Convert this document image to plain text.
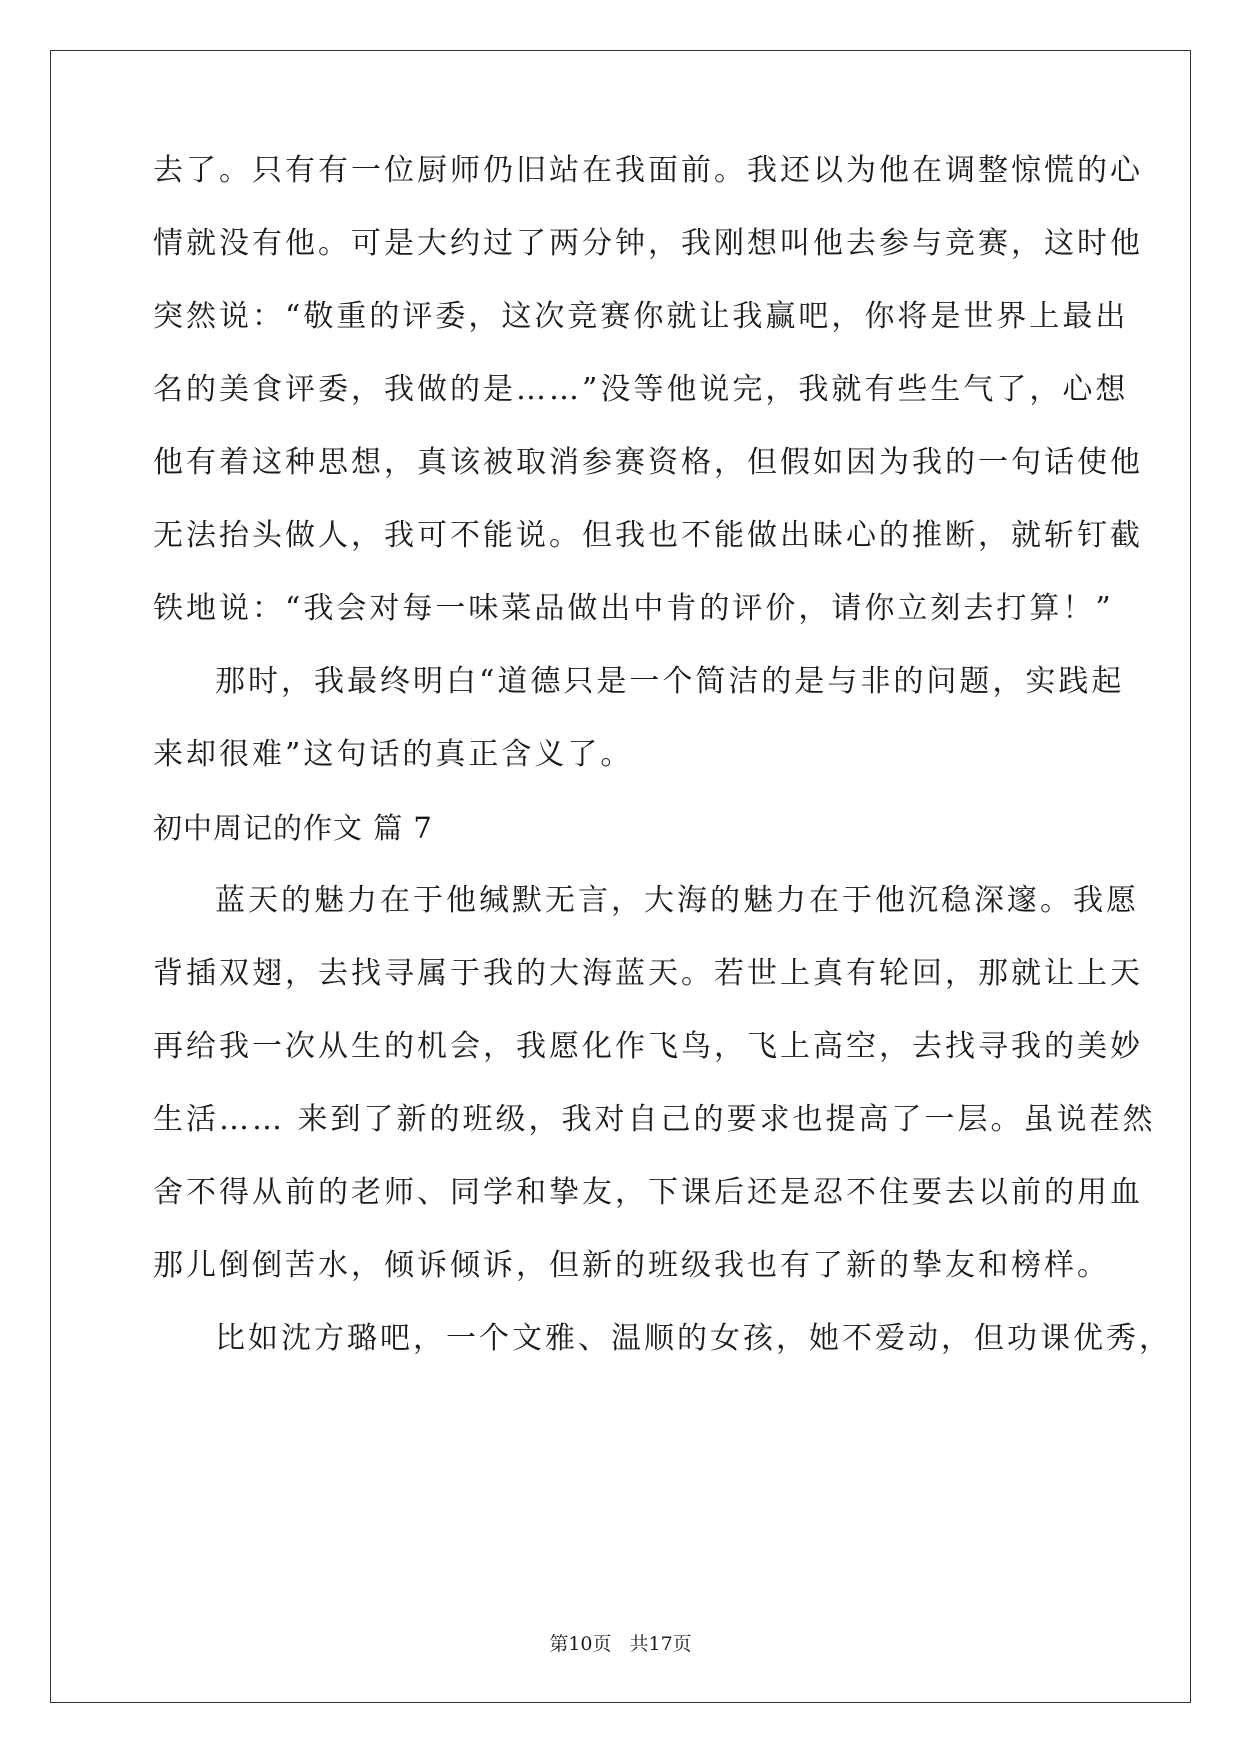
去了。只有有一位厨师仍旧站在我面前。我还以为他在调整惊慌的心
情就没有他。可是大约过了两分钟，我刚想叫他去参与竞赛，这时他
突然说：“敬重的评委，这次竞赛你就让我赢吧，你将是世界上最出
名的美食评委，我做的是……”没等他说完，我就有些生气了，心想
他有着这种思想，真该被取消参赛资格，但假如因为我的一句话使他
无法抬头做人，我可不能说。但我也不能做出昧心的推断，就斩钉截
铁地说：“我会对每一味菜品做出中肯的评价，请你立刻去打算！”
那时，我最终明白“道德只是一个简洁的是与非的问题，实践起
来却很难”这句话的真正含义了。
初中周记的作文 篇 7
蓝天的魅力在于他缄默无言，大海的魅力在于他沉稳深邃。我愿
背插双翅，去找寻属于我的大海蓝天。若世上真有轮回，那就让上天
再给我一次从生的机会，我愿化作飞鸟，飞上高空，去找寻我的美妙
生活…… 来到了新的班级，我对自己的要求也提高了一层。虽说茬然
舍不得从前的老师、同学和挚友，下课后还是忍不住要去以前的用血
那儿倒倒苦水，倾诉倾诉，但新的班级我也有了新的挚友和榜样。
比如沈方璐吧，一个文雅、温顺的女孩，她不爱动，但功课优秀，
第10页 共17页
